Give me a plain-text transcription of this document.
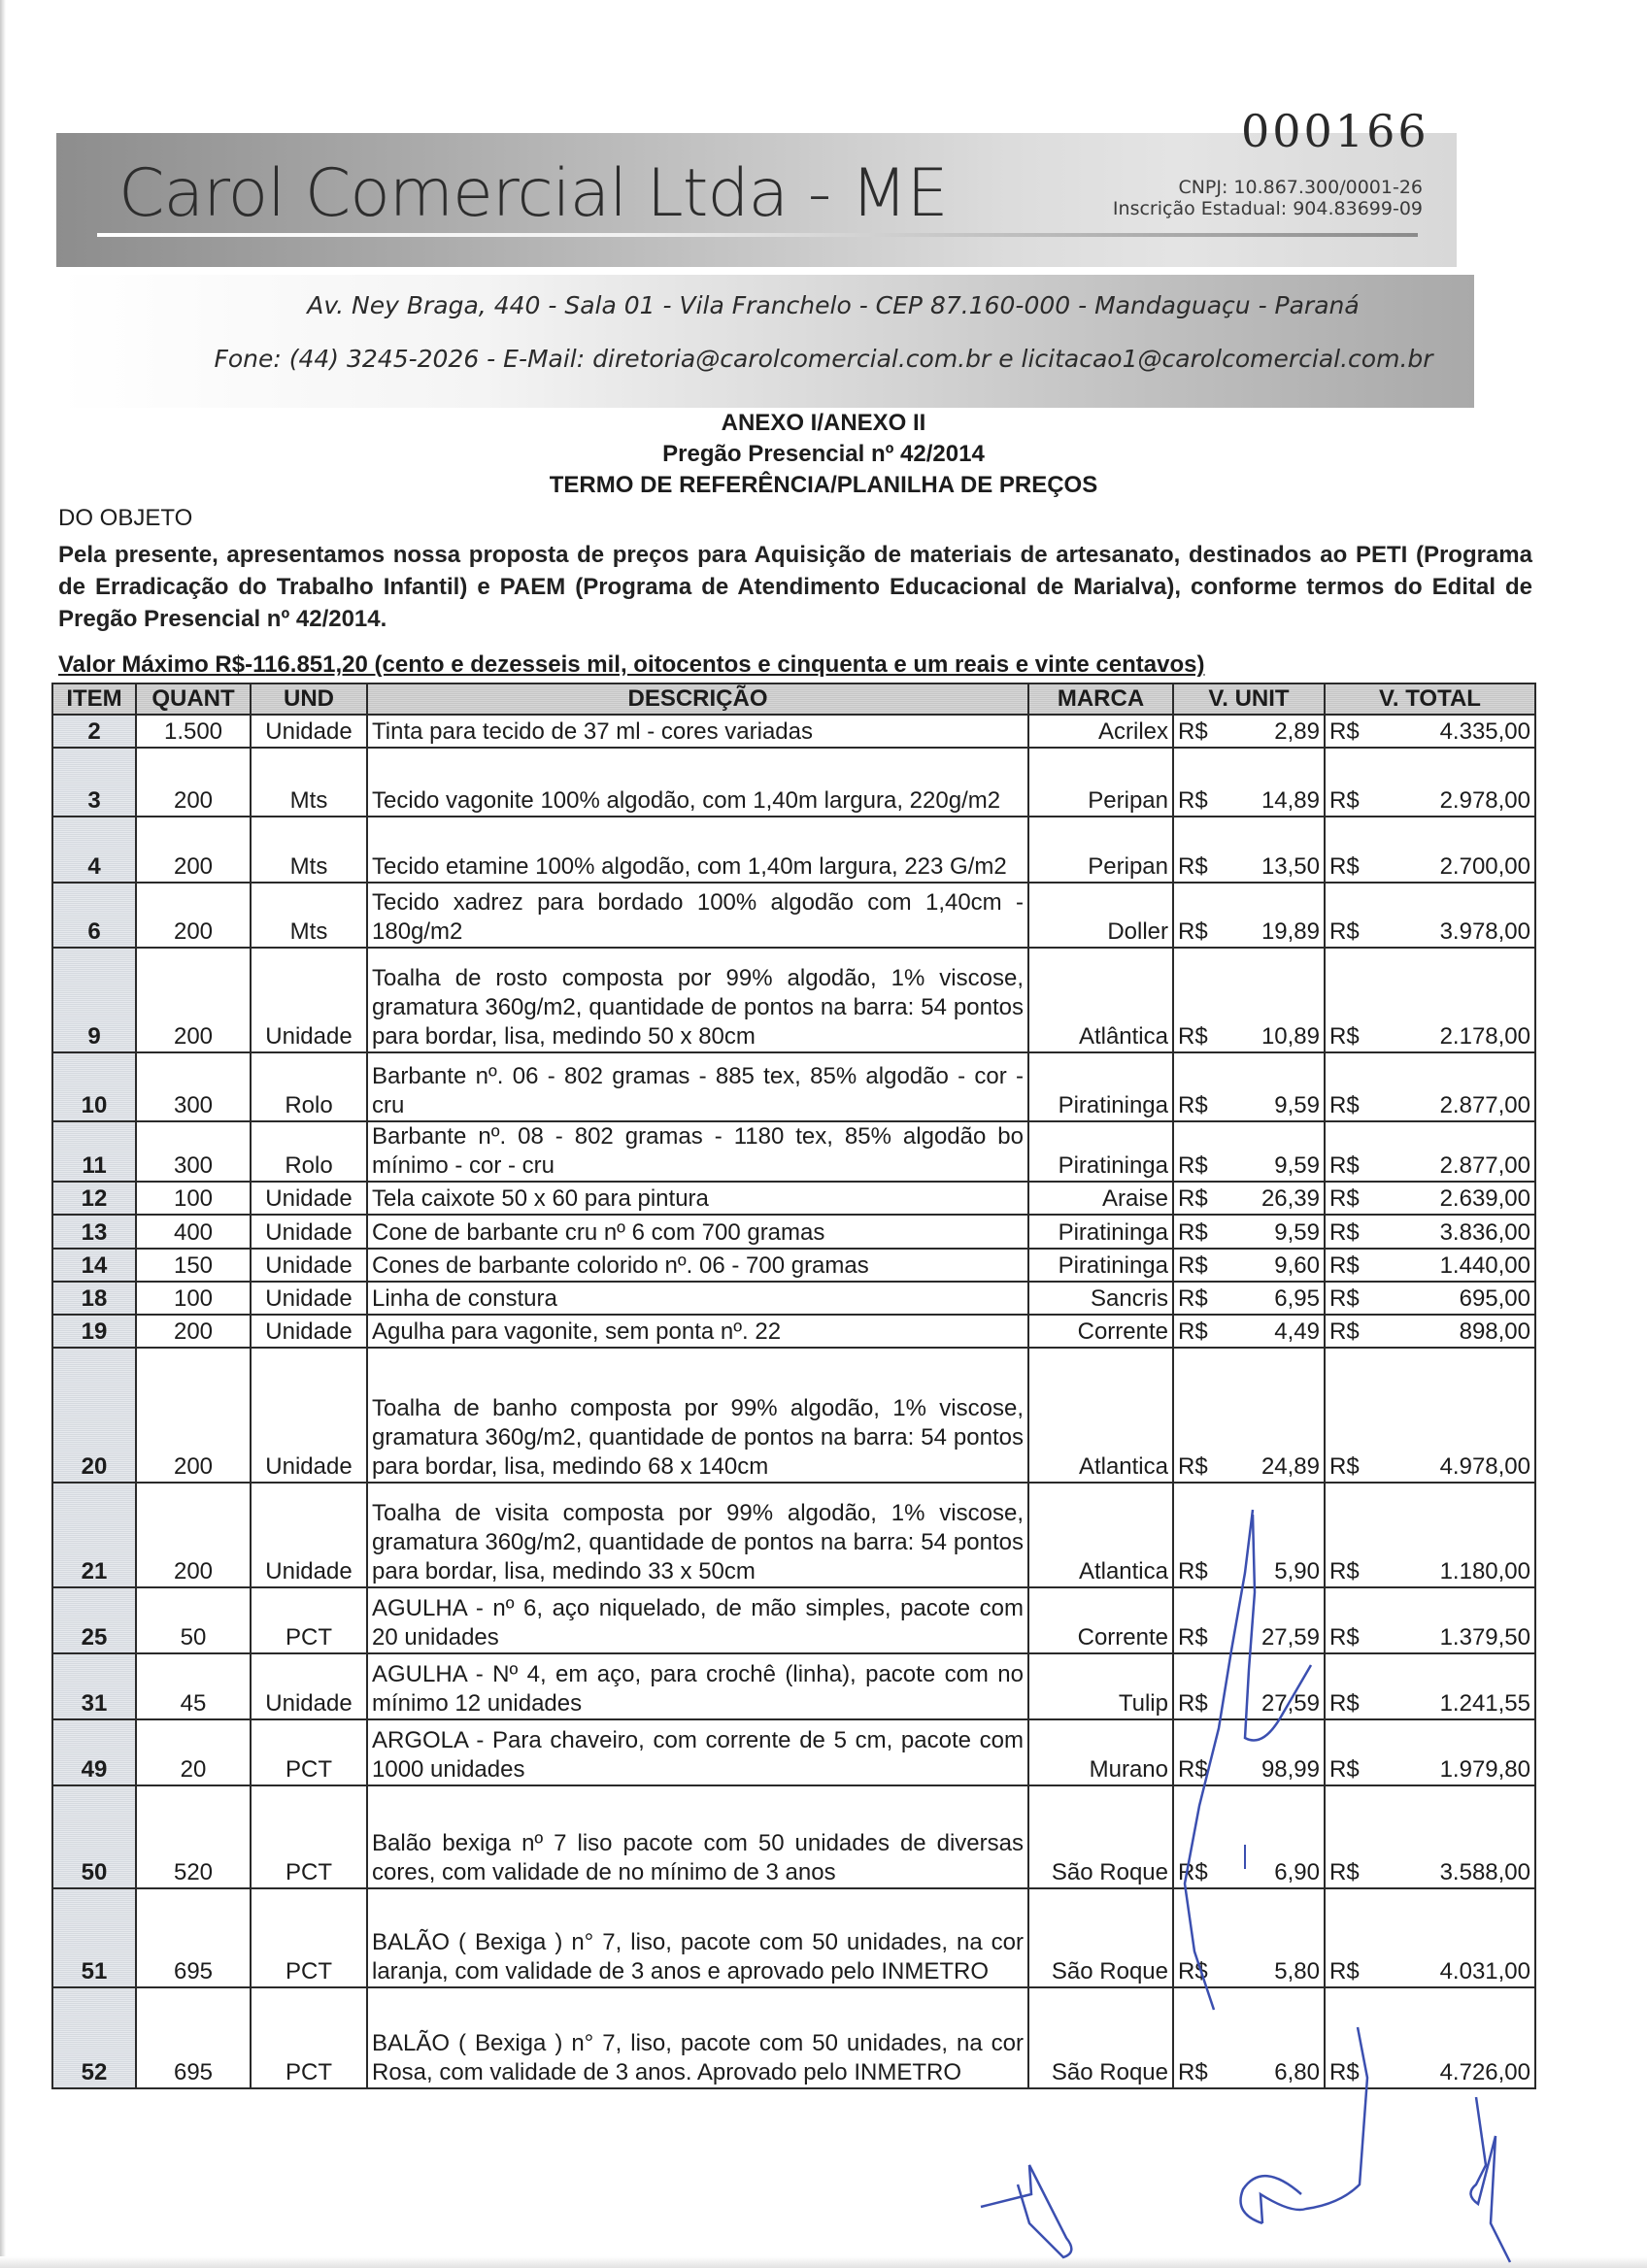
000166
Carol Comercial Ltda - ME	CNPJ: 10.867.300/0001-26
Inscrição Estadual: 904.83699-09
Av. Ney Braga, 440 - Sala 01 - Vila Franchelo - CEP 87.160-000 - Mandaguaçu - Paraná
Fone: (44) 3245-2026 - E-Mail: diretoria@carolcomercial.com.br e licitacao1@carolcomercial.com.br
ANEXO I/ANEXO II
Pregão Presencial nº 42/2014
TERMO DE REFERÊNCIA/PLANILHA DE PREÇOS
DO OBJETO
Pela presente, apresentamos nossa proposta de preços para Aquisição de materiais de artesanato, destinados ao PETI (Programa de Erradicação do Trabalho Infantil) e PAEM (Programa de Atendimento Educacional de Marialva), conforme termos do Edital de Pregão Presencial nº 42/2014.
Valor Máximo R$-116.851,20 (cento e dezesseis mil, oitocentos e cinquenta e um reais e vinte centavos)
ITEM	QUANT	UND	DESCRIÇÃO	MARCA	V. UNIT	V. TOTAL
2	1.500	Unidade	Tinta para tecido de 37 ml - cores variadas	Acrilex	R$ 2,89	R$ 4.335,00

3	200	Mts	Tecido vagonite 100% algodão, com 1,40m largura, 220g/m2	Peripan	R$ 14,89	R$ 2.978,00

4	200	Mts	Tecido etamine 100% algodão, com 1,40m largura, 223 G/m2	Peripan	R$ 13,50	R$ 2.700,00

6	200	Mts	Tecido xadrez para bordado 100% algodão com 1,40cm - 180g/m2	Doller	R$ 19,89	R$ 3.978,00

9	200	Unidade	Toalha de rosto composta por 99% algodão, 1% viscose, gramatura 360g/m2, quantidade de pontos na barra: 54 pontos para bordar, lisa, medindo 50 x 80cm	Atlântica	R$ 10,89	R$ 2.178,00

10	300	Rolo	Barbante nº. 06 - 802 gramas - 885 tex, 85% algodão - cor - cru	Piratininga	R$ 9,59	R$ 2.877,00

11	300	Rolo	Barbante nº. 08 - 802 gramas - 1180 tex, 85% algodão bo mínimo - cor - cru	Piratininga	R$ 9,59	R$ 2.877,00

12	100	Unidade	Tela caixote 50 x 60 para pintura	Araise	R$ 26,39	R$ 2.639,00

13	400	Unidade	Cone de barbante cru nº 6 com 700 gramas	Piratininga	R$ 9,59	R$ 3.836,00

14	150	Unidade	Cones de barbante colorido nº. 06 - 700 gramas	Piratininga	R$ 9,60	R$ 1.440,00

18	100	Unidade	Linha de constura	Sancris	R$ 6,95	R$ 695,00

19	200	Unidade	Agulha para vagonite, sem ponta nº. 22	Corrente	R$ 4,49	R$ 898,00

20	200	Unidade	Toalha de banho composta por 99% algodão, 1% viscose, gramatura 360g/m2, quantidade de pontos na barra: 54 pontos para bordar, lisa, medindo 68 x 140cm	Atlantica	R$ 24,89	R$ 4.978,00

21	200	Unidade	Toalha de visita composta por 99% algodão, 1% viscose, gramatura 360g/m2, quantidade de pontos na barra: 54 pontos para bordar, lisa, medindo 33 x 50cm	Atlantica	R$ 5,90	R$ 1.180,00

25	50	PCT	AGULHA - nº 6, aço niquelado, de mão simples, pacote com 20 unidades	Corrente	R$ 27,59	R$ 1.379,50

31	45	Unidade	AGULHA - Nº 4, em aço, para crochê (linha), pacote com no mínimo 12 unidades	Tulip	R$ 27,59	R$ 1.241,55

49	20	PCT	ARGOLA - Para chaveiro, com corrente de 5 cm, pacote com 1000 unidades	Murano	R$ 98,99	R$ 1.979,80

50	520	PCT	Balão bexiga nº 7 liso pacote com 50 unidades de diversas cores, com validade de no mínimo de 3 anos	São Roque	R$ 6,90	R$ 3.588,00

51	695	PCT	BALÃO ( Bexiga ) n° 7, liso, pacote com 50 unidades, na cor laranja, com validade de 3 anos e aprovado pelo INMETRO	São Roque	R$ 5,80	R$ 4.031,00

52	695	PCT	BALÃO ( Bexiga ) n° 7, liso, pacote com 50 unidades, na cor Rosa, com validade de 3 anos. Aprovado pelo INMETRO	São Roque	R$ 6,80	R$ 4.726,00
